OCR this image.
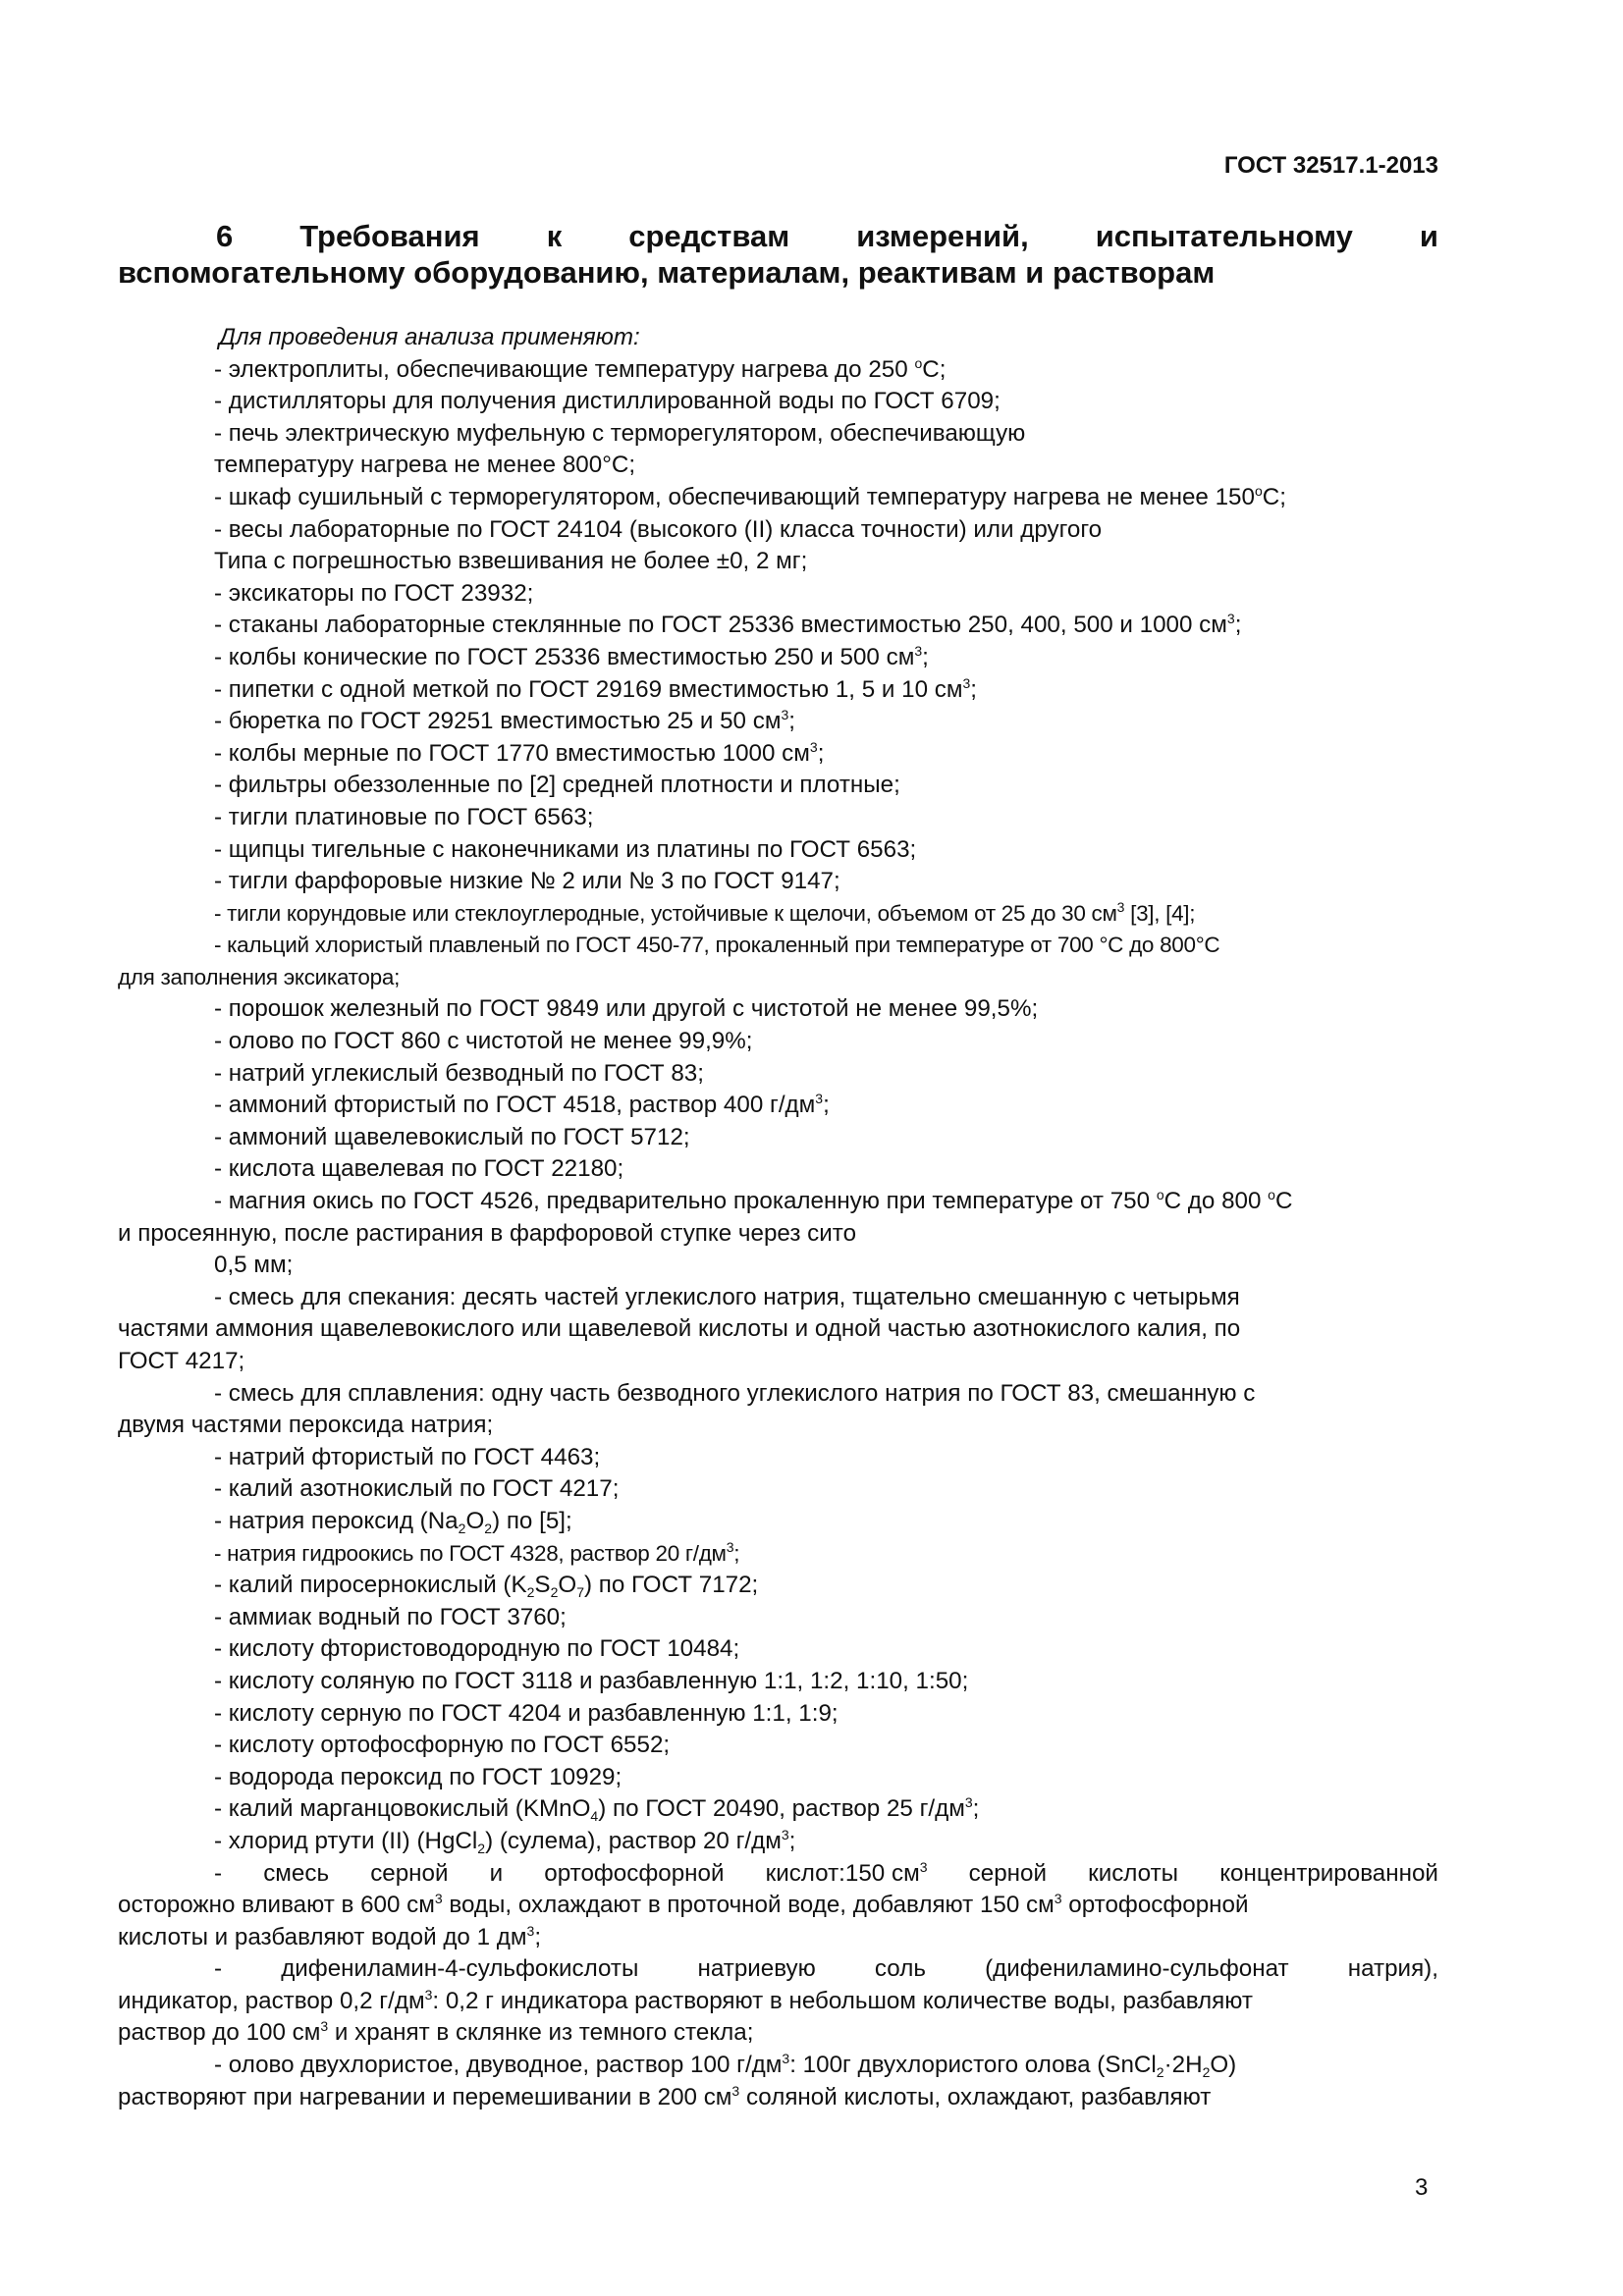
ГОСТ 32517.1-2013
6 Требования к средствам измерений, испытательному и
вспомогательному оборудованию, материалам, реактивам и растворам
Для проведения анализа применяют:
- электроплиты, обеспечивающие температуру нагрева до 250 $^o$С;
- дистилляторы для получения дистиллированной воды по ГОСТ 6709;
- печь электрическую муфельную с терморегулятором, обеспечивающую
температуру нагрева не менее 800°С;
- шкаф сушильный с терморегулятором, обеспечивающий температуру нагрева не менее 150$^o$С;
- весы лабораторные по ГОСТ 24104 (высокого (II) класса точности) или другого
Типа с погрешностью взвешивания не более ±0, 2 мг;
- эксикаторы по ГОСТ 23932;
- стаканы лабораторные стеклянные по ГОСТ 25336 вместимостью 250, 400, 500 и 1000 $см^3$;
- колбы конические по ГОСТ 25336 вместимостью 250 и 500 $см^3$;
- пипетки с одной меткой по ГОСТ 29169 вместимостью 1, 5 и 10 $см^3$;
- бюретка по ГОСТ 29251 вместимостью 25 и 50 $см^3$;
- колбы мерные по ГОСТ 1770 вместимостью 1000 $см^3$;
- фильтры обеззоленные по [2] средней плотности и плотные;
- тигли платиновые по ГОСТ 6563;
- щипцы тигельные с наконечниками из платины по ГОСТ 6563;
- тигли фарфоровые низкие № 2 или № 3 по ГОСТ 9147;
- тигли корундовые или стеклоуглеродные, устойчивые к щелочи, объемом от 25 до 30 $см^3$ [3], [4];
- кальций хлористый плавленый по ГОСТ 450-77, прокаленный при температуре от 700 °С до 800°С
для заполнения эксикатора;
- порошок железный по ГОСТ 9849 или другой с чистотой не менее 99,5%;
- олово по ГОСТ 860 с чистотой не менее 99,9%;
- натрий углекислый безводный по ГОСТ 83;
- аммоний фтористый по ГОСТ 4518, раствор 400 $г/дм^3$;
- аммоний щавелевокислый по ГОСТ 5712;
- кислота щавелевая по ГОСТ 22180;
- магния окись по ГОСТ 4526, предварительно прокаленную при температуре от 750 $^o$С до 800 $^o$С
и просеянную, после растирания в фарфоровой ступке через сито
0,5 мм;
- смесь для спекания: десять частей углекислого натрия, тщательно смешанную с четырьмя
частями аммония щавелевокислого или щавелевой кислоты и одной частью азотнокислого калия, по
ГОСТ 4217;
- смесь для сплавления: одну часть безводного углекислого натрия по ГОСТ 83, смешанную с
двумя частями пероксида натрия;
- натрий фтористый по ГОСТ 4463;
- калий азотнокислый по ГОСТ 4217;
- натрия пероксид $(Na_2O_2)$ по [5];
- натрия гидроокись по ГОСТ 4328, раствор 20 $г/дм^3$;
- калий пиросернокислый $(K_2S_2O_7)$ по ГОСТ 7172;
- аммиак водный по ГОСТ 3760;
- кислоту фтористоводородную по ГОСТ 10484;
- кислоту соляную по ГОСТ 3118 и разбавленную 1:1, 1:2, 1:10, 1:50;
- кислоту серную по ГОСТ 4204 и разбавленную 1:1, 1:9;
- кислоту ортофосфорную по ГОСТ 6552;
- водорода пероксид по ГОСТ 10929;
- калий марганцовокислый (KMnO$_4$) по ГОСТ 20490, раствор 25 $г/дм^3$;
- хлорид ртути (II) (HgCl$_2$) (сулема), раствор 20 $г/дм^3$;
- смесь серной и ортофосфорной кислот:150 $см^3$ серной кислоты концентрированной
осторожно вливают в 600 $см^3$ воды, охлаждают в проточной воде, добавляют 150 $см^3$ ортофосфорной
кислоты и разбавляют водой до 1 $дм^3$;
- дифениламин-4-сульфокислоты натриевую соль (дифениламино-сульфонат натрия),
индикатор, раствор 0,2 $г/дм^3$: 0,2 г индикатора растворяют в небольшом количестве воды, разбавляют
раствор до 100 $см^3$ и хранят в склянке из темного стекла;
- олово двухлористое, двуводное, раствор 100 $г/дм^3$: 100г двухлористого олова $(SnCl_2\cdot 2H_2O)$
растворяют при нагревании и перемешивании в 200 $см^3$ соляной кислоты, охлаждают, разбавляют
3
